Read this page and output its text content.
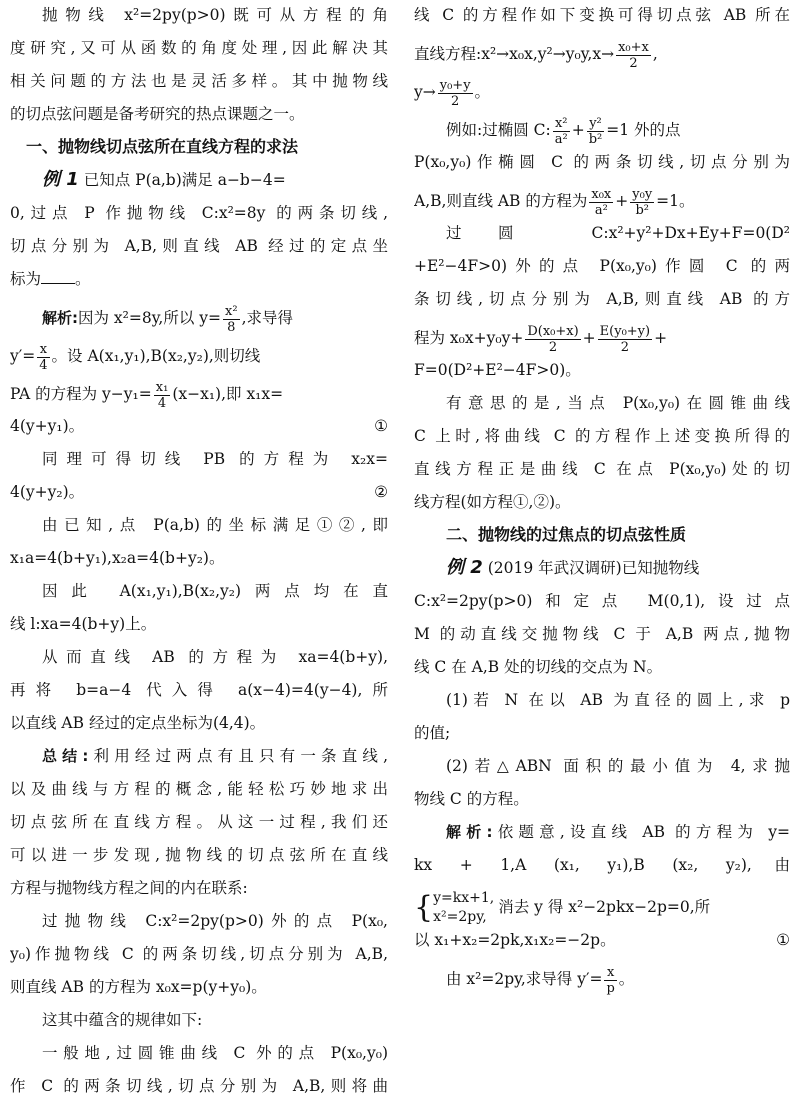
抛物线 x²=2py(p>0)既可从方程的角
度研究,又可从函数的角度处理,因此解决其
相关问题的方法也是灵活多样。其中抛物线
的切点弦问题是备考研究的热点课题之一。
一、抛物线切点弦所在直线方程的求法
例 1 已知点 P(a,b)满足 a−b−4=
0,过点 P 作抛物线 C:x²=8y 的两条切线,
切点分别为 A,B,则直线 AB 经过的定点坐
标为 。
解析:因为 x²=8y,所以 $y= \frac{\text{x²}}{8}$ ,求导得
$y'= \frac{x}{4}$ 。设 A(x₁,y₁),B(x₂,y₂),则切线
PA 的方程为 $y-y_1= \frac{\text{x₁}}{4} (x-x_1)$,即 x₁x=
4(y+y₁)。	①
同理可得切线 PB 的方程为 x₂x=
4(y+y₂)。	②
由已知,点 P(a,b)的坐标满足①②,即
x₁a=4(b+y₁),x₂a=4(b+y₂)。
因此 A(x₁,y₁),B(x₂,y₂)两点均在直
线 l:xa=4(b+y)上。
从而直线 AB 的方程为 xa=4(b+y),
再将 b=a−4 代入得 a(x−4)=4(y−4),所
以直线 AB 经过的定点坐标为(4,4)。
总结:利用经过两点有且只有一条直线,
以及曲线与方程的概念,能轻松巧妙地求出
切点弦所在直线方程。从这一过程,我们还
可以进一步发现,抛物线的切点弦所在直线
方程与抛物线方程之间的内在联系:
过抛物线 C:x²=2py(p>0)外的点 P(x₀,
y₀)作抛物线 C 的两条切线,切点分别为 A,B,
则直线 AB 的方程为 x₀x=p(y+y₀)。
这其中蕴含的规律如下:
一般地,过圆锥曲线 C 外的点 P(x₀,y₀)
作 C 的两条切线,切点分别为 A,B,则将曲
线 C 的方程作如下变换可得切点弦 AB 所在
直线方程:x²→x₀x,y²→y₀y,x→ $\frac{\text{x₀+x}}{2}$ ,
$y\to \frac{\text{y₀+y}}{2}$ 。
例如:过椭圆 C: $\frac{\text{x²}}{\text{a²}} + \frac{\text{y²}}{\text{b²}} =1$ 外的点
P(x₀,y₀)作椭圆 C 的两条切线,切点分别为
A,B,则直线 AB 的方程为 $\frac{\text{x₀x}}{\text{a²}} + \frac{\text{y₀y}}{\text{b²}} =1$。
过圆 C:x²+y²+Dx+Ey+F=0(D²
+E²−4F>0)外的点 P(x₀,y₀)作圆 C 的两
条切线,切点分别为 A,B,则直线 AB 的方
程为 $x_0x+y_0y+ \frac{\text{D(x₀+x)}}{2} + \frac{\text{E(y₀+y)}}{2}$ +
F=0(D²+E²−4F>0)。
有意思的是,当点 P(x₀,y₀)在圆锥曲线
C 上时,将曲线 C 的方程作上述变换所得的
直线方程正是曲线 C 在点 P(x₀,y₀)处的切
线方程(如方程①,②)。
二、抛物线的过焦点的切点弦性质
例 2 (2019 年武汉调研)已知抛物线
C:x²=2py(p>0)和定点 M(0,1),设过点
M 的动直线交抛物线 C 于 A,B 两点,抛物
线 C 在 A,B 处的切线的交点为 N。
(1)若 N 在以 AB 为直径的圆上,求 p
的值;
(2)若△ABN 面积的最小值为 4,求抛
物线 C 的方程。
解析:依题意,设直线 AB 的方程为 y=
kx + 1,A (x₁, y₁),B (x₂, y₂),由
{ y=kx+1,
x²=2py,
消去 y 得 x²−2pkx−2p=0,所
以 x₁+x₂=2pk,x₁x₂=−2p。	①
由 x²=2py,求导得 $y'= \frac{x}{p}$ 。
